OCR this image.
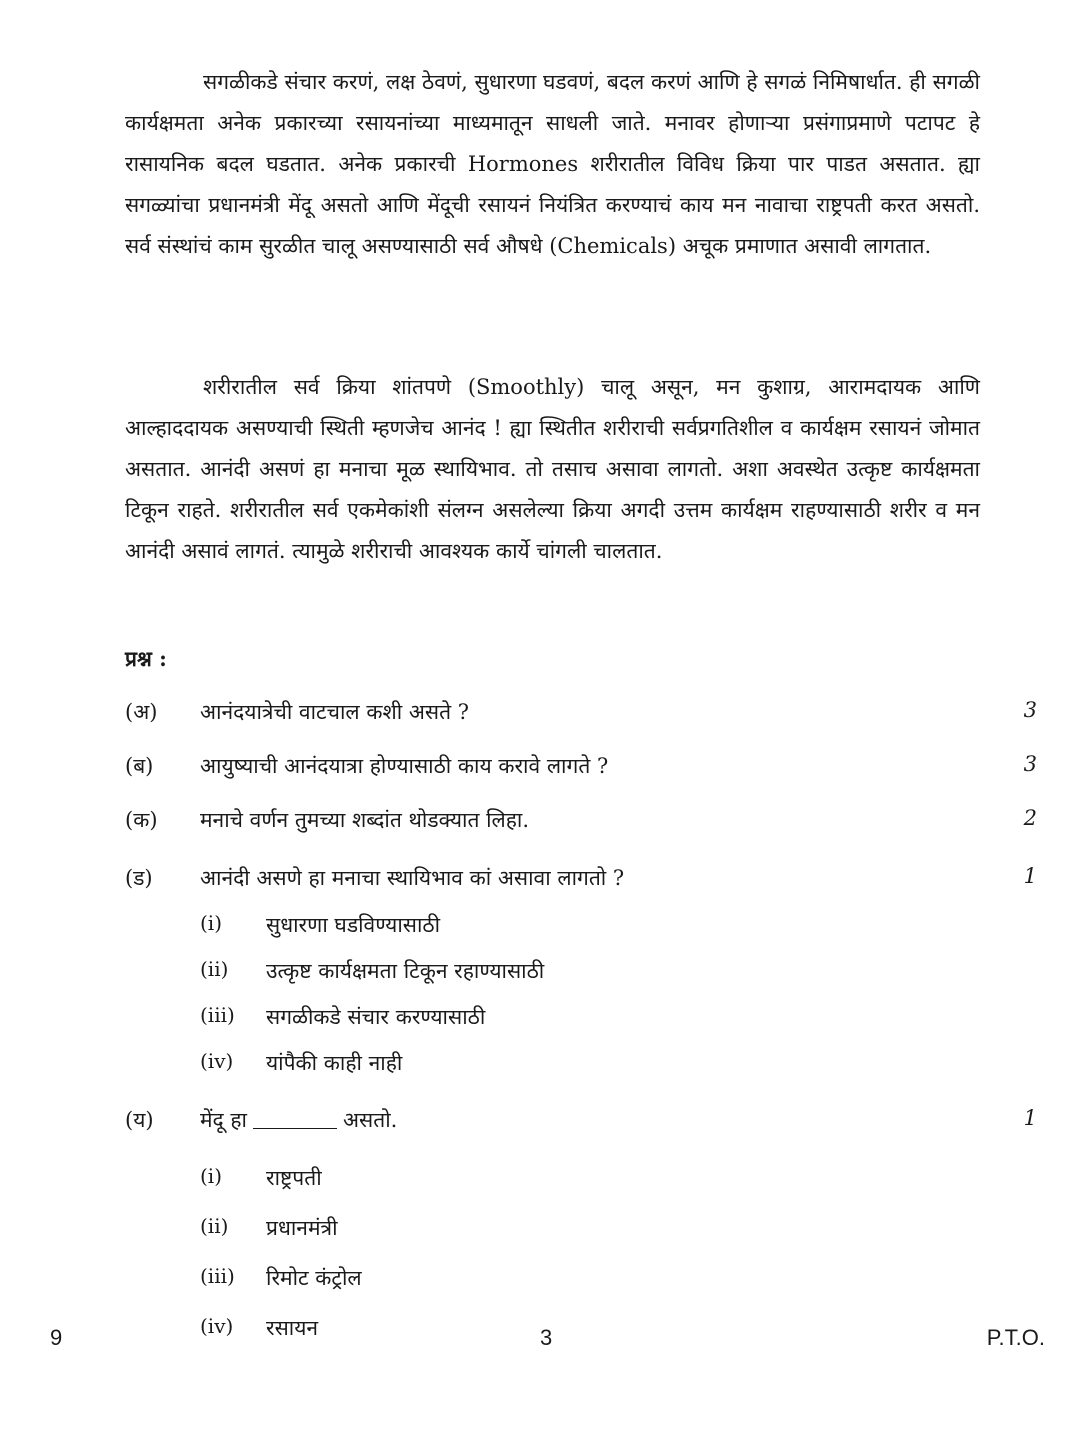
सगळीकडे संचार करणं, लक्ष ठेवणं, सुधारणा घडवणं, बदल करणं आणि हे सगळं निमिषार्धात. ही सगळी कार्यक्षमता अनेक प्रकारच्या रसायनांच्या माध्यमातून साधली जाते. मनावर होणाऱ्या प्रसंगाप्रमाणे पटापट हे रासायनिक बदल घडतात. अनेक प्रकारची Hormones शरीरातील विविध क्रिया पार पाडत असतात. ह्या सगळ्यांचा प्रधानमंत्री मेंदू असतो आणि मेंदूची रसायनं नियंत्रित करण्याचं काय मन नावाचा राष्ट्रपती करत असतो. सर्व संस्थांचं काम सुरळीत चालू असण्यासाठी सर्व औषधे (Chemicals) अचूक प्रमाणात असावी लागतात.

शरीरातील सर्व क्रिया शांतपणे (Smoothly) चालू असून, मन कुशाग्र, आरामदायक आणि आल्हाददायक असण्याची स्थिती म्हणजेच आनंद ! ह्या स्थितीत शरीराची सर्वप्रगतिशील व कार्यक्षम रसायनं जोमात असतात. आनंदी असणं हा मनाचा मूळ स्थायिभाव. तो तसाच असावा लागतो. अशा अवस्थेत उत्कृष्ट कार्यक्षमता टिकून राहते. शरीरातील सर्व एकमेकांशी संलग्न असलेल्या क्रिया अगदी उत्तम कार्यक्षम राहण्यासाठी शरीर व मन आनंदी असावं लागतं. त्यामुळे शरीराची आवश्यक कार्ये चांगली चालतात.

प्रश्न :
(अ) आनंदयात्रेची वाटचाल कशी असते ?	3
(ब) आयुष्याची आनंदयात्रा होण्यासाठी काय करावे लागते ?	3
(क) मनाचे वर्णन तुमच्या शब्दांत थोडक्यात लिहा.	2
(ड) आनंदी असणे हा मनाचा स्थायिभाव कां असावा लागतो ?	1
(i) सुधारणा घडविण्यासाठी
(ii) उत्कृष्ट कार्यक्षमता टिकून रहाण्यासाठी
(iii) सगळीकडे संचार करण्यासाठी
(iv) यांपैकी काही नाही
(य) मेंदू हा	असतो.	1
(i) राष्ट्रपती
(ii) प्रधानमंत्री
(iii) रिमोट कंट्रोल
(iv) रसायन
9	3	P.T.O.
